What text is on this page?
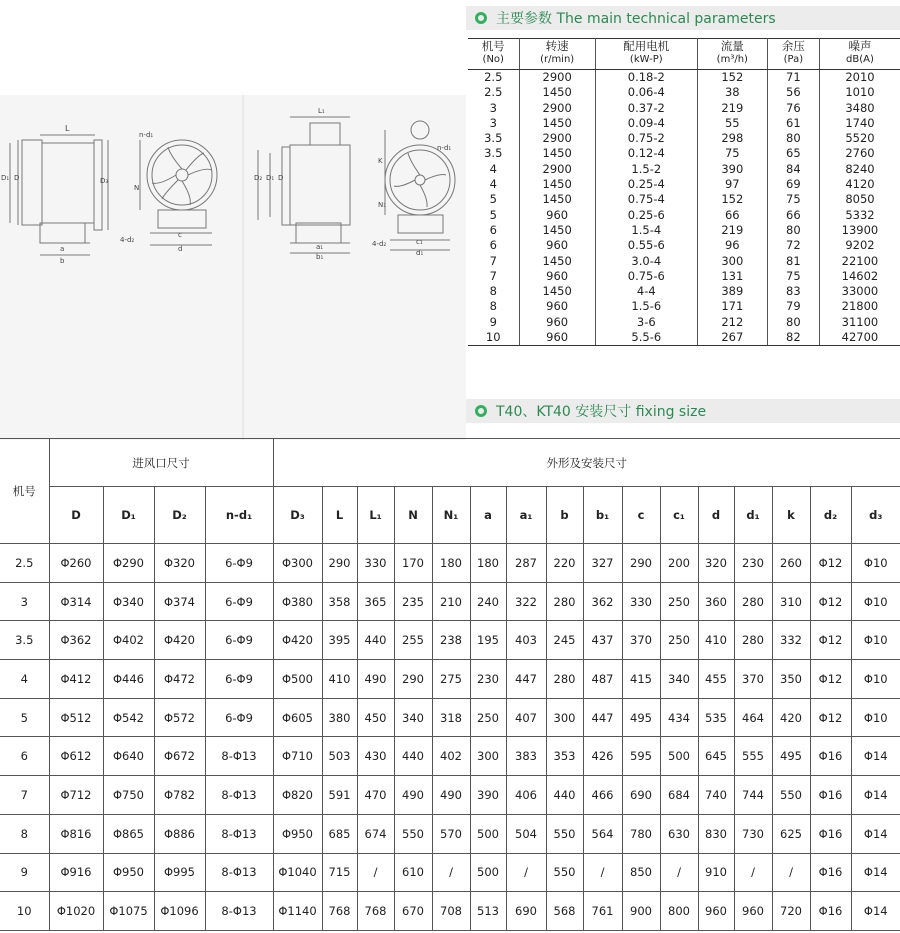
主要参数 The main technical parameters
L
D₁ D	D₃
a
b
n-d₁
N
4-d₂
c
d
L₁
D₂ D₁ D
a₁
b₁
K
N₁
n-d₁
4-d₂	c₁
d₁
机号	转速	配用电机	流量	余压	噪声
(No)	(r/min)	(kW-P)	(m³/h)	(Pa)	dB(A)
2.5	2900	0.18-2	152	71	2010
2.5	1450	0.06-4	38	56	1010
3	2900	0.37-2	219	76	3480
3	1450	0.09-4	55	61	1740
3.5	2900	0.75-2	298	80	5520
3.5	1450	0.12-4	75	65	2760
4	2900	1.5-2	390	84	8240
4	1450	0.25-4	97	69	4120
5	1450	0.75-4	152	75	8050
5	960	0.25-6	66	66	5332
6	1450	1.5-4	219	80	13900
6	960	0.55-6	96	72	9202
7	1450	3.0-4	300	81	22100
7	960	0.75-6	131	75	14602
8	1450	4-4	389	83	33000
8	960	1.5-6	171	79	21800
9	960	3-6	212	80	31100
10	960	5.5-6	267	82	42700
T40、KT40 安装尺寸 fixing size
机号	进风口尺寸				外形及安装尺寸															
	D	D₁	D₂	n-d₁	D₃	L	L₁	N	N₁	a	a₁	b	b₁	c	c₁	d	d₁	k	d₂	d₃
2.5	Φ260	Φ290	Φ320	6-Φ9	Φ300	290	330	170	180	180	287	220	327	290	200	320	230	260	Φ12	Φ10
3	Φ314	Φ340	Φ374	6-Φ9	Φ380	358	365	235	210	240	322	280	362	330	250	360	280	310	Φ12	Φ10
3.5	Φ362	Φ402	Φ420	6-Φ9	Φ420	395	440	255	238	195	403	245	437	370	250	410	280	332	Φ12	Φ10
4	Φ412	Φ446	Φ472	6-Φ9	Φ500	410	490	290	275	230	447	280	487	415	340	455	370	350	Φ12	Φ10
5	Φ512	Φ542	Φ572	6-Φ9	Φ605	380	450	340	318	250	407	300	447	495	434	535	464	420	Φ12	Φ10
6	Φ612	Φ640	Φ672	8-Φ13	Φ710	503	430	440	402	300	383	353	426	595	500	645	555	495	Φ16	Φ14
7	Φ712	Φ750	Φ782	8-Φ13	Φ820	591	470	490	490	390	406	440	466	690	684	740	744	550	Φ16	Φ14
8	Φ816	Φ865	Φ886	8-Φ13	Φ950	685	674	550	570	500	504	550	564	780	630	830	730	625	Φ16	Φ14
9	Φ916	Φ950	Φ995	8-Φ13	Φ1040	715	/	610	/	500	/	550	/	850	/	910	/	/	Φ16	Φ14
10	Φ1020	Φ1075	Φ1096	8-Φ13	Φ1140	768	768	670	708	513	690	568	761	900	800	960	960	720	Φ16	Φ14
